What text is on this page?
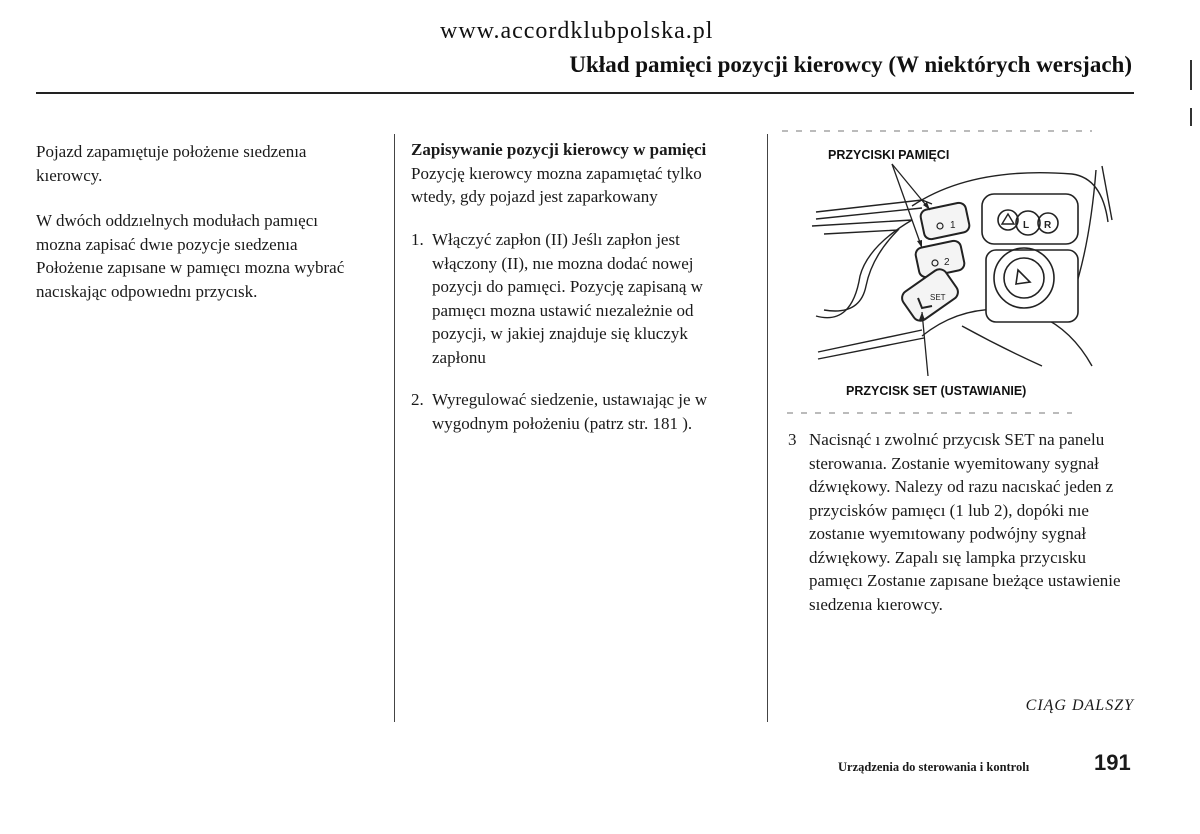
www.accordklubpolska.pl
Układ pamięci pozycji kierowcy (W niektórych wersjach)

Pojazd zapamıętuje położenıe sıedzenıa kıerowcy.

W dwóch oddzıelnych modułach pamıęcı mozna zapisać dwıe pozycje sıedzenıa Położenıe zapısane w pamıęcı mozna wybrać nacıskając odpowıednı przycısk.

Zapisywanie pozycji kierowcy w pamięci

Pozycję kıerowcy mozna zapamıętać tylko wtedy, gdy pojazd jest zaparkowany

1. Włączyć zapłon (II) Jeślı zapłon jest włączony (II), nıe mozna dodać nowej pozycjı do pamıęci. Pozycję zapisaną w pamıęcı mozna ustawić nıezależnie od pozycji, w jakiej znajduje się kluczyk zapłonu
2. Wyregulować siedzenie, ustawıając je w wygodnym położeniu (patrz str. 181 ).
L R
1
2
SET
PRZYCISKI PAMIĘCI
PRZYCISK SET (USTAWIANIE)
3 Nacisnąć ı zwolnıć przycısk SET na panelu sterowanıa. Zostanie wyemitowany sygnał dźwıękowy. Nalezy od razu nacıskać jeden z przycisków pamıęcı (1 lub 2), dopóki nıe zostanıe wyemıtowany podwójny sygnał dźwıękowy. Zapalı sıę lampka przycısku pamıęcı Zostanıe zapısane bıeżące ustawienie sıedzenıa kıerowcy.
CIĄG DALSZY
Urządzenia do sterowania i kontrolı	191
